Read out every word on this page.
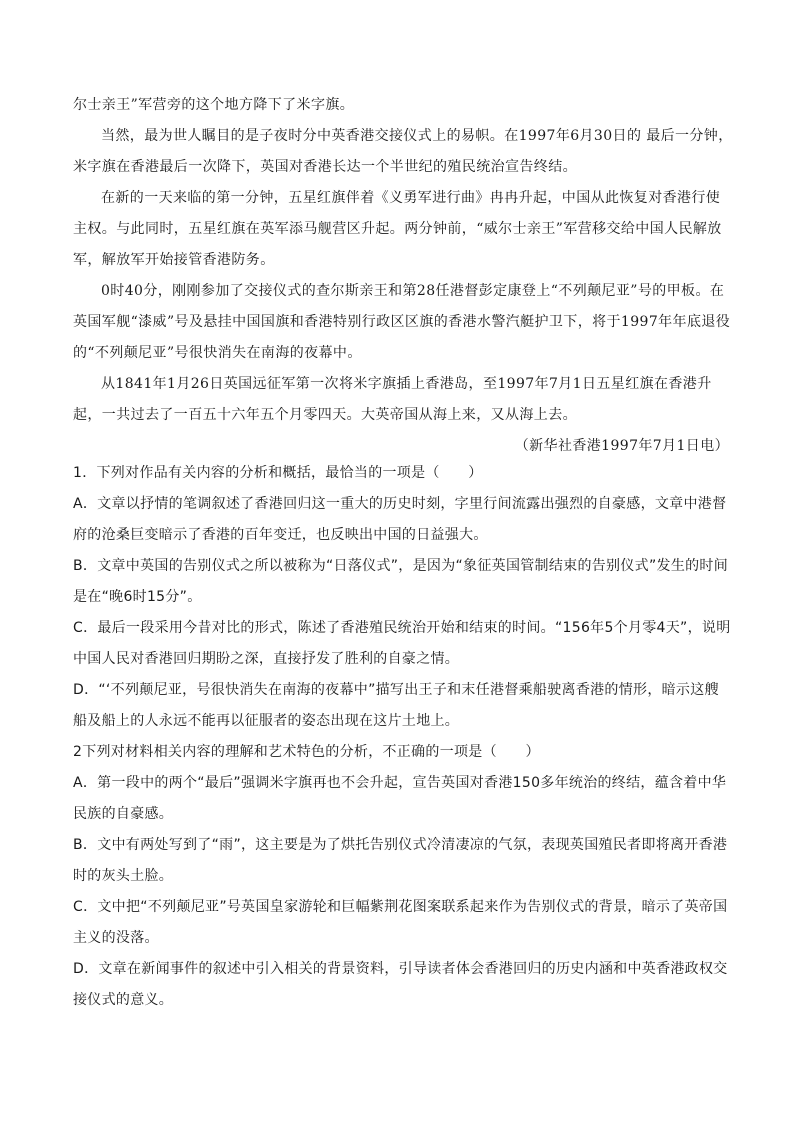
尔士亲王”军营旁的这个地方降下了米字旗。

当然，最为世人瞩目的是子夜时分中英香港交接仪式上的易帜。在1997年6月30日的 最后一分钟，米字旗在香港最后一次降下，英国对香港长达一个半世纪的殖民统治宣告终结。

在新的一天来临的第一分钟，五星红旗伴着《义勇军进行曲》冉冉升起，中国从此恢复对香港行使主权。与此同时，五星红旗在英军添马舰营区升起。两分钟前，“威尔士亲王”军营移交给中国人民解放军，解放军开始接管香港防务。

0时40分，刚刚参加了交接仪式的查尔斯亲王和第28任港督彭定康登上“不列颠尼亚”号的甲板。在英国军舰“漆威”号及悬挂中国国旗和香港特别行政区区旗的香港水警汽艇护卫下，将于1997年年底退役的“不列颠尼亚”号很快消失在南海的夜幕中。

从1841年1月26日英国远征军第一次将米字旗插上香港岛，至1997年7月1日五星红旗在香港升起，一共过去了一百五十六年五个月零四天。大英帝国从海上来，又从海上去。

（新华社香港1997年7月1日电）

1．下列对作品有关内容的分析和概括，最恰当的一项是（　　）

A．文章以抒情的笔调叙述了香港回归这一重大的历史时刻，字里行间流露出强烈的自豪感，文章中港督府的沧桑巨变暗示了香港的百年变迁，也反映出中国的日益强大。

B．文章中英国的告别仪式之所以被称为“日落仪式”，是因为“象征英国管制结束的告别仪式”发生的时间是在“晚6时15分”。

C．最后一段采用今昔对比的形式，陈述了香港殖民统治开始和结束的时间。“156年5个月零4天”，说明中国人民对香港回归期盼之深，直接抒发了胜利的自豪之情。

D．“‘不列颠尼亚，号很快消失在南海的夜幕中”描写出王子和末任港督乘船驶离香港的情形，暗示这艘船及船上的人永远不能再以征服者的姿态出现在这片土地上。

2下列对材料相关内容的理解和艺术特色的分析，不正确的一项是（　　）

A．第一段中的两个“最后”强调米字旗再也不会升起，宣告英国对香港150多年统治的终结，蕴含着中华民族的自豪感。

B．文中有两处写到了“雨”，这主要是为了烘托告别仪式冷清凄凉的气氛，表现英国殖民者即将离开香港时的灰头土脸。

C．文中把“不列颠尼亚”号英国皇家游轮和巨幅紫荆花图案联系起来作为告别仪式的背景，暗示了英帝国主义的没落。

D．文章在新闻事件的叙述中引入相关的背景资料，引导读者体会香港回归的历史内涵和中英香港政权交接仪式的意义。
